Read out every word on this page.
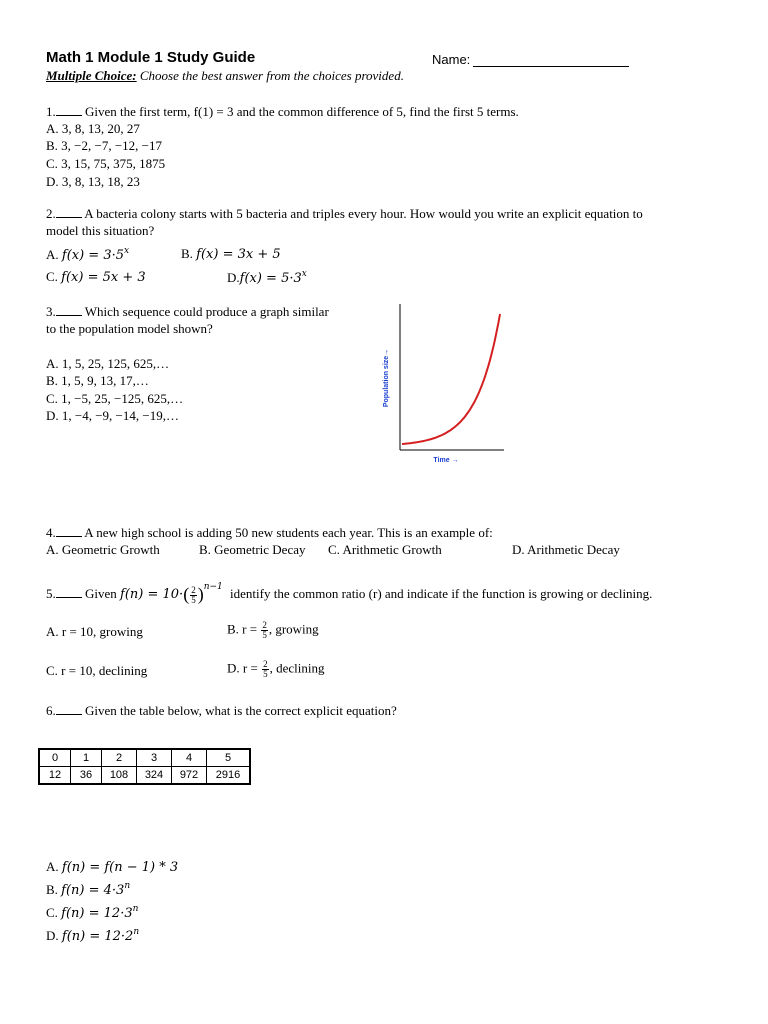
Math 1 Module 1 Study Guide	Name:
Multiple Choice: Choose the best answer from the choices provided.
1. Given the first term, f(1) = 3 and the common difference of 5, find the first 5 terms.
A. 3, 8, 13, 20, 27
B. 3, −2, −7, −12, −17
C. 3, 15, 75, 375, 1875
D. 3, 8, 13, 18, 23
2. A bacteria colony starts with 5 bacteria and triples every hour. How would you write an explicit equation to
model this situation?
A. $f(x) = 3\cdot 5^x$	B. f(x) = 3x + 5
C. f(x) = 5x + 3	$D.f(x) = 5\cdot 3^x$
3. Which sequence could produce a graph similar
to the population model shown?
A. 1, 5, 25, 125, 625,…
B. 1, 5, 9, 13, 17,…
C. 1, −5, 25, −125, 625,…
D. 1, −4, −9, −14, −19,…
Population size→
Time →
4. A new high school is adding 50 new students each year. This is an example of:
A. Geometric Growth	B. Geometric Decay C. Arithmetic Growth	D. Arithmetic Decay
5. Given $f(n) = 10\cdot( \frac{2}{5} )^{n-1}$ identify the common ratio (r) and indicate if the function is growing or declining.
A. r = 10, growing	B. $r = \frac{2}{5}$ , growing
C. r = 10, declining	D. $r = \frac{2}{5}$ , declining
6. Given the table below, what is the correct explicit equation?
0	1	2	3	4	5
12	36	108	324	972	2916
A. f(n) = f(n − 1) * 3
B. $f(n) = 4\cdot 3^n$
C. $f(n) = 12\cdot 3^n$
D. $f(n) = 12\cdot 2^n$
